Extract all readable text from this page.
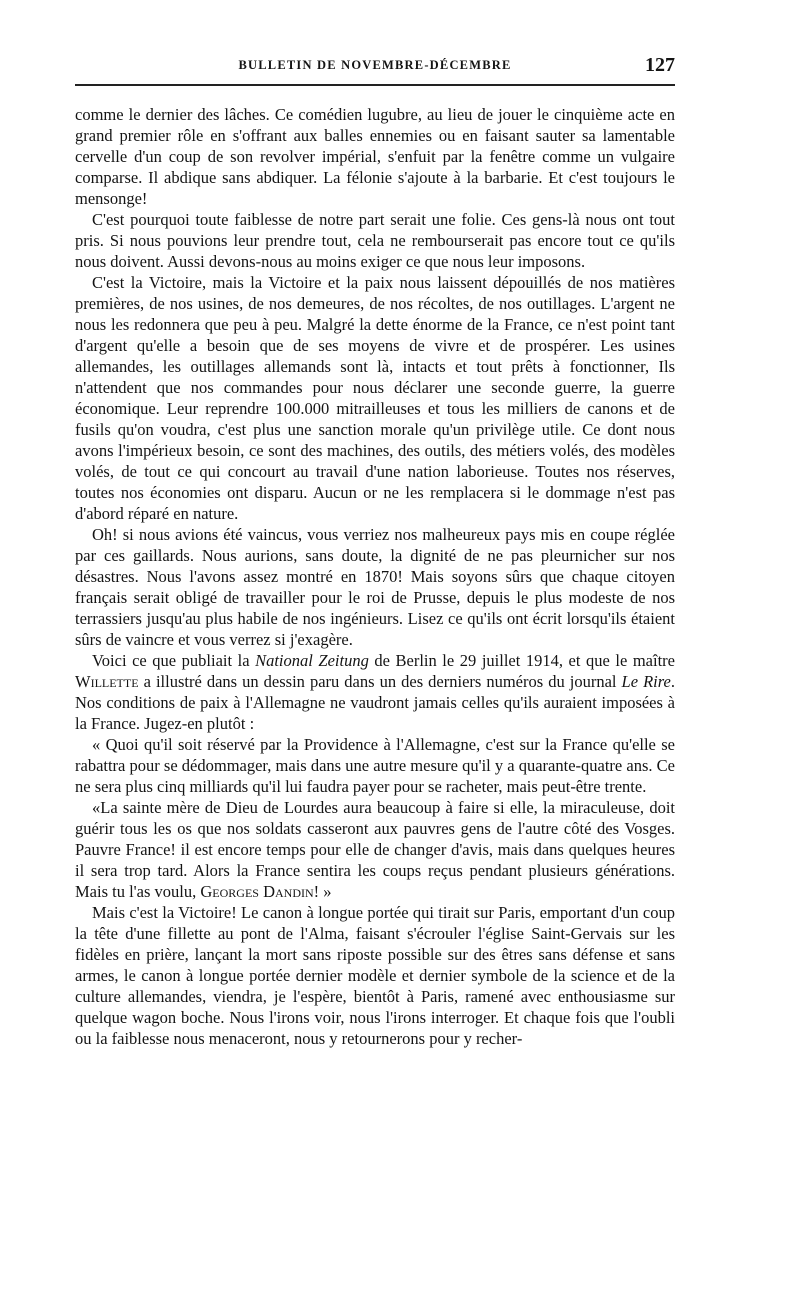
BULLETIN DE NOVEMBRE-DÉCEMBRE	127

comme le dernier des lâches. Ce comédien lugubre, au lieu de jouer le cinquième acte en grand premier rôle en s'offrant aux balles ennemies ou en faisant sauter sa lamentable cervelle d'un coup de son revolver impérial, s'enfuit par la fenêtre comme un vulgaire comparse. Il abdique sans abdiquer. La félonie s'ajoute à la barbarie. Et c'est toujours le mensonge!

C'est pourquoi toute faiblesse de notre part serait une folie. Ces gens-là nous ont tout pris. Si nous pouvions leur prendre tout, cela ne rembourserait pas encore tout ce qu'ils nous doivent. Aussi devons-nous au moins exiger ce que nous leur imposons.

C'est la Victoire, mais la Victoire et la paix nous laissent dépouillés de nos matières premières, de nos usines, de nos demeures, de nos récoltes, de nos outillages. L'argent ne nous les redonnera que peu à peu. Malgré la dette énorme de la France, ce n'est point tant d'argent qu'elle a besoin que de ses moyens de vivre et de prospérer. Les usines allemandes, les outillages allemands sont là, intacts et tout prêts à fonctionner, Ils n'attendent que nos commandes pour nous déclarer une seconde guerre, la guerre économique. Leur reprendre 100.000 mitrailleuses et tous les milliers de canons et de fusils qu'on voudra, c'est plus une sanction morale qu'un privilège utile. Ce dont nous avons l'impérieux besoin, ce sont des machines, des outils, des métiers volés, des modèles volés, de tout ce qui concourt au travail d'une nation laborieuse. Toutes nos réserves, toutes nos économies ont disparu. Aucun or ne les remplacera si le dommage n'est pas d'abord réparé en nature.

Oh! si nous avions été vaincus, vous verriez nos malheureux pays mis en coupe réglée par ces gaillards. Nous aurions, sans doute, la dignité de ne pas pleurnicher sur nos désastres. Nous l'avons assez montré en 1870! Mais soyons sûrs que chaque citoyen français serait obligé de travailler pour le roi de Prusse, depuis le plus modeste de nos terrassiers jusqu'au plus habile de nos ingénieurs. Lisez ce qu'ils ont écrit lorsqu'ils étaient sûrs de vaincre et vous verrez si j'exagère.

Voici ce que publiait la National Zeitung de Berlin le 29 juillet 1914, et que le maître Willette a illustré dans un dessin paru dans un des derniers numéros du journal Le Rire. Nos conditions de paix à l'Allemagne ne vaudront jamais celles qu'ils auraient imposées à la France. Jugez-en plutôt :

« Quoi qu'il soit réservé par la Providence à l'Allemagne, c'est sur la France qu'elle se rabattra pour se dédommager, mais dans une autre mesure qu'il y a quarante-quatre ans. Ce ne sera plus cinq milliards qu'il lui faudra payer pour se racheter, mais peut-être trente.

«La sainte mère de Dieu de Lourdes aura beaucoup à faire si elle, la miraculeuse, doit guérir tous les os que nos soldats casseront aux pauvres gens de l'autre côté des Vosges. Pauvre France! il est encore temps pour elle de changer d'avis, mais dans quelques heures il sera trop tard. Alors la France sentira les coups reçus pendant plusieurs générations. Mais tu l'as voulu, Georges Dandin! »

Mais c'est la Victoire! Le canon à longue portée qui tirait sur Paris, emportant d'un coup la tête d'une fillette au pont de l'Alma, faisant s'écrouler l'église Saint-Gervais sur les fidèles en prière, lançant la mort sans riposte possible sur des êtres sans défense et sans armes, le canon à longue portée dernier modèle et dernier symbole de la science et de la culture allemandes, viendra, je l'espère, bientôt à Paris, ramené avec enthousiasme sur quelque wagon boche. Nous l'irons voir, nous l'irons interroger. Et chaque fois que l'oubli ou la faiblesse nous menaceront, nous y retournerons pour y recher-
